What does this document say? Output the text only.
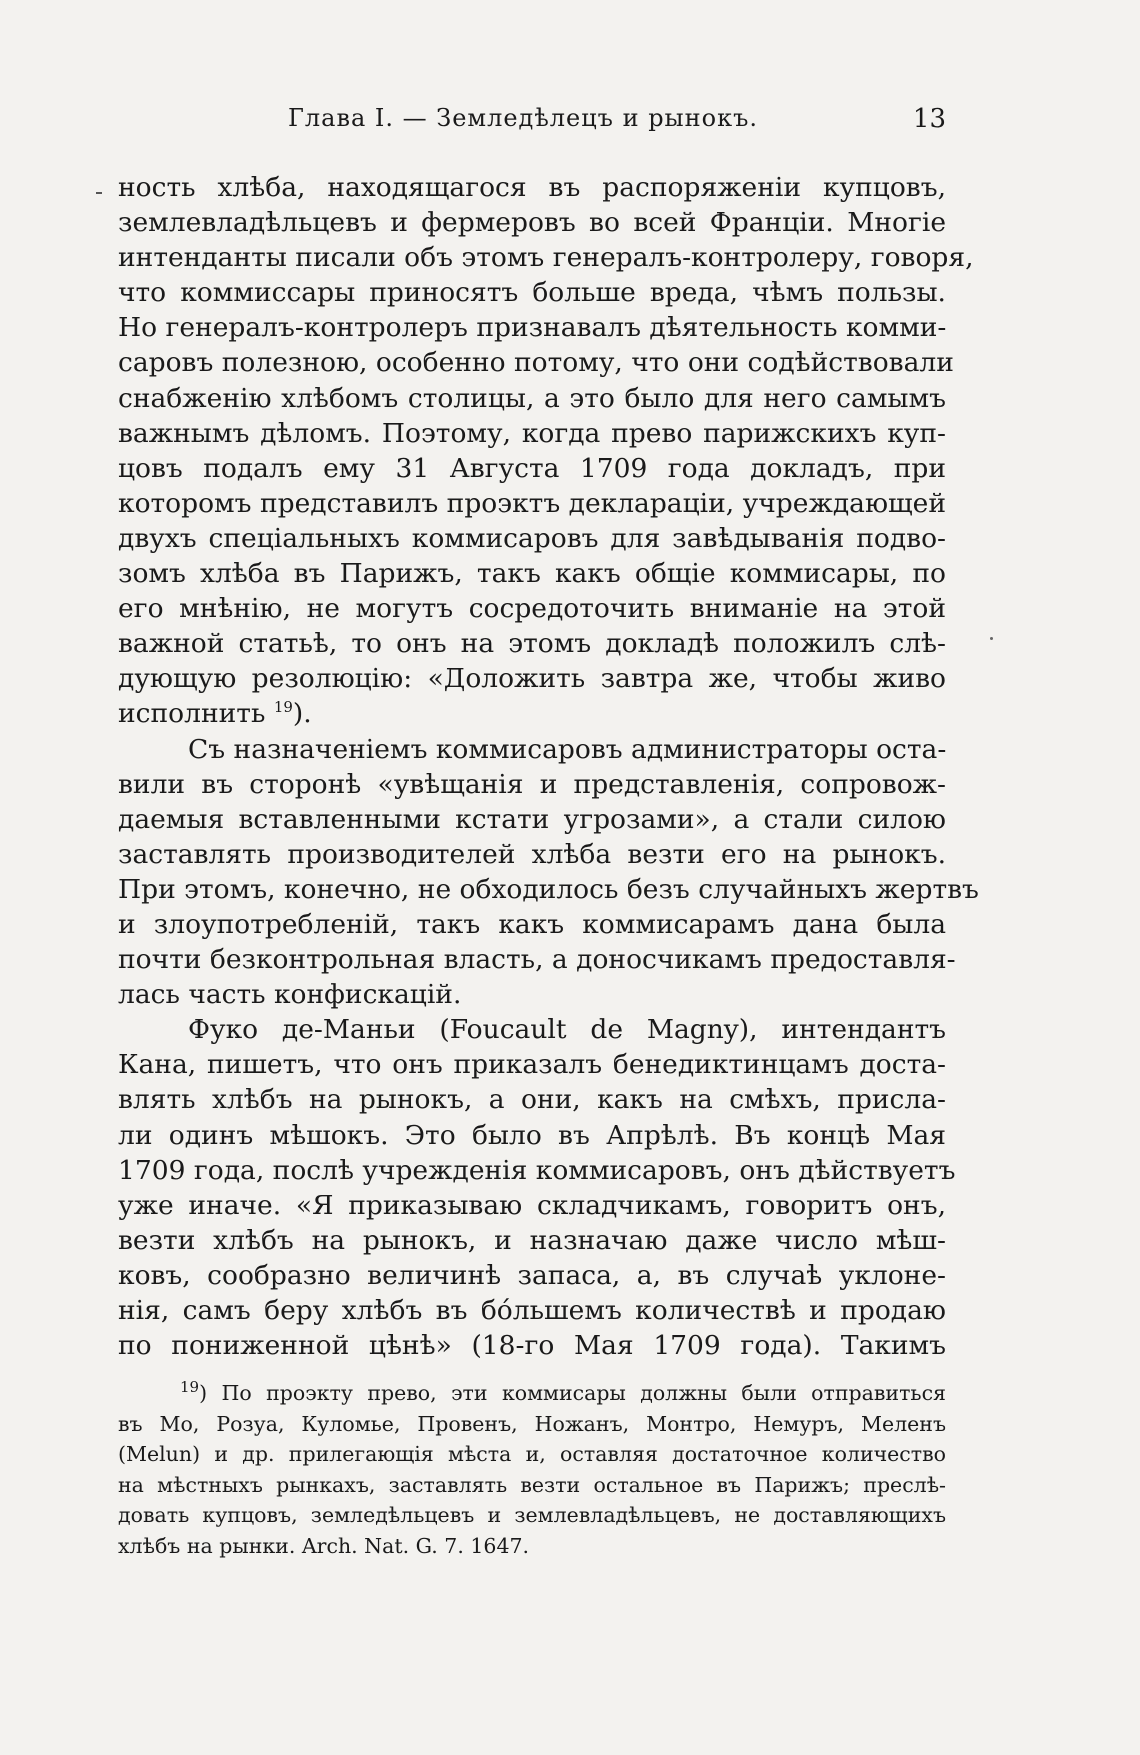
Глава I. — Земледѣлецъ и рынокъ.	13
ность хлѣба, находящагося въ распоряженіи купцовъ,
землевладѣльцевъ и фермеровъ во всей Франціи. Многіе
интенданты писали объ этомъ генералъ-контролеру, говоря,
что коммиссары приносятъ больше вреда, чѣмъ пользы.
Но генералъ-контролеръ признавалъ дѣятельность комми-
саровъ полезною, особенно потому, что они содѣйствовали
снабженію хлѣбомъ столицы, а это было для него самымъ
важнымъ дѣломъ. Поэтому, когда прево парижскихъ куп-
цовъ подалъ ему 31 Августа 1709 года докладъ, при
которомъ представилъ проэктъ деклараціи, учреждающей
двухъ спеціальныхъ коммисаровъ для завѣдыванія подво-
зомъ хлѣба въ Парижъ, такъ какъ общіе коммисары, по
его мнѣнію, не могутъ сосредоточить вниманіе на этой
важной статьѣ, то онъ на этомъ докладѣ положилъ слѣ-
дующую резолюцію: «Доложить завтра же, чтобы живо
исполнить $^{19}$).
Съ назначеніемъ коммисаровъ администраторы оста-
вили въ сторонѣ «увѣщанія и представленія, сопровож-
даемыя вставленными кстати угрозами», а стали силою
заставлять производителей хлѣба везти его на рынокъ.
При этомъ, конечно, не обходилось безъ случайныхъ жертвъ
и злоупотребленій, такъ какъ коммисарамъ дана была
почти безконтрольная власть, а доносчикамъ предоставля-
лась часть конфискацій.
Фуко де-Маньи (Foucault de Magny), интендантъ
Кана, пишетъ, что онъ приказалъ бенедиктинцамъ доста-
влять хлѣбъ на рынокъ, а они, какъ на смѣхъ, присла-
ли одинъ мѣшокъ. Это было въ Апрѣлѣ. Въ концѣ Мая
1709 года, послѣ учрежденія коммисаровъ, онъ дѣйствуетъ
уже иначе. «Я приказываю складчикамъ, говоритъ онъ,
везти хлѣбъ на рынокъ, и назначаю даже число мѣш-
ковъ, сообразно величинѣ запаса, а, въ случаѣ уклоне-
нія, самъ беру хлѣбъ въ бо́льшемъ количествѣ и продаю
по пониженной цѣнѣ» (18-го Мая 1709 года). Такимъ
$^{19}$) По проэкту прево, эти коммисары должны были отправиться
въ Мо, Розуа, Куломье, Провенъ, Ножанъ, Монтро, Немуръ, Меленъ
(Melun) и др. прилегающія мѣста и, оставляя достаточное количество
на мѣстныхъ рынкахъ, заставлять везти остальное въ Парижъ; преслѣ-
довать купцовъ, земледѣльцевъ и землевладѣльцевъ, не доставляющихъ
хлѣбъ на рынки. Arch. Nat. G. 7. 1647.
